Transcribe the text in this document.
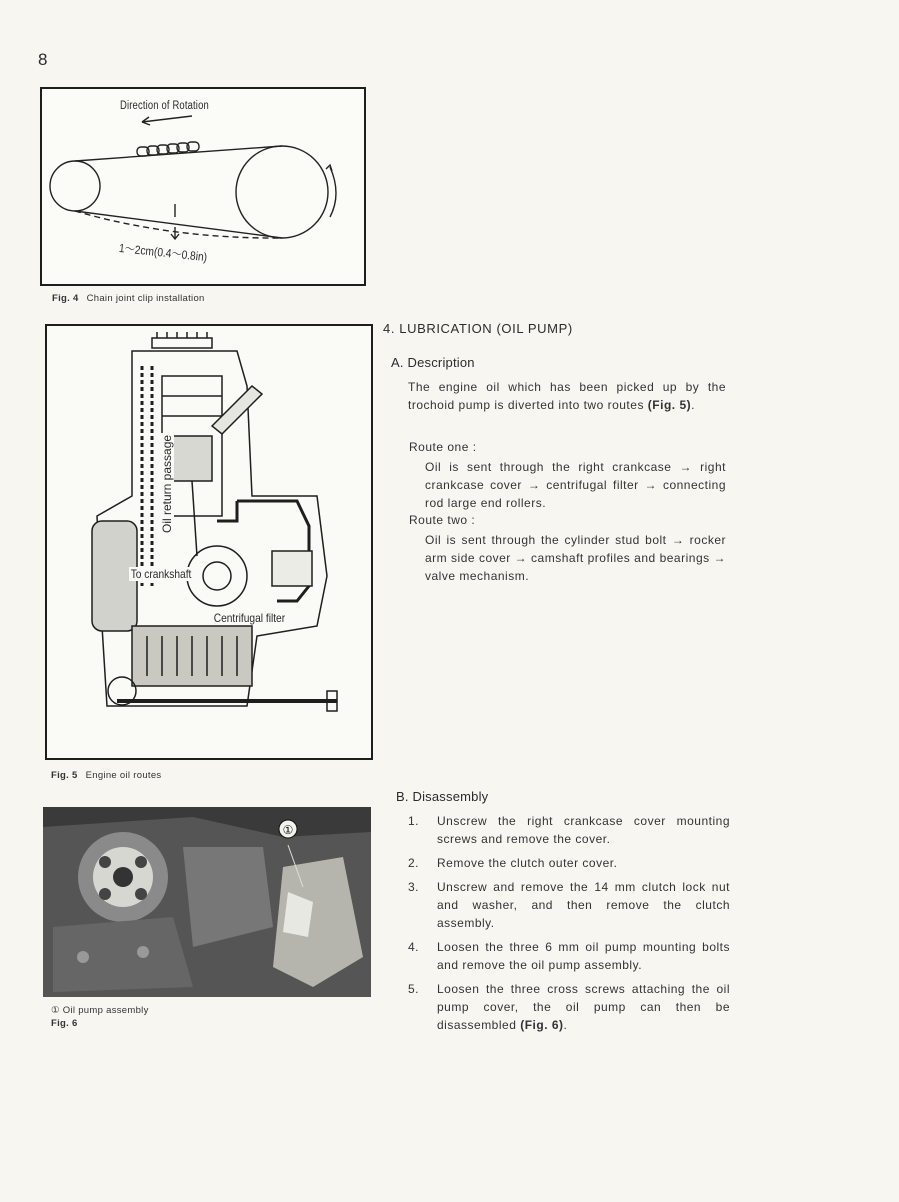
8
Direction of Rotation
1～2cm(0.4～0.8in)
Fig. 4 Chain joint clip installation
To crankshaft
Centrifugal filter
Oil return passage
Fig. 5 Engine oil routes
①
① Oil pump assembly
Fig. 6
4. LUBRICATION (OIL PUMP)
A. Description
The engine oil which has been picked up by the trochoid pump is diverted into two routes (Fig. 5).
Route one :
Oil is sent through the right crankcase → right crankcase cover → centrifugal filter → connecting rod large end rollers.
Route two :
Oil is sent through the cylinder stud bolt → rocker arm side cover → camshaft profiles and bearings → valve mechanism.
B. Disassembly
1. Unscrew the right crankcase cover mounting screws and remove the cover.
2. Remove the clutch outer cover.
3. Unscrew and remove the 14 mm clutch lock nut and washer, and then remove the clutch assembly.
4. Loosen the three 6 mm oil pump mounting bolts and remove the oil pump assembly.
5. Loosen the three cross screws attaching the oil pump cover, the oil pump can then be disassembled (Fig. 6).
